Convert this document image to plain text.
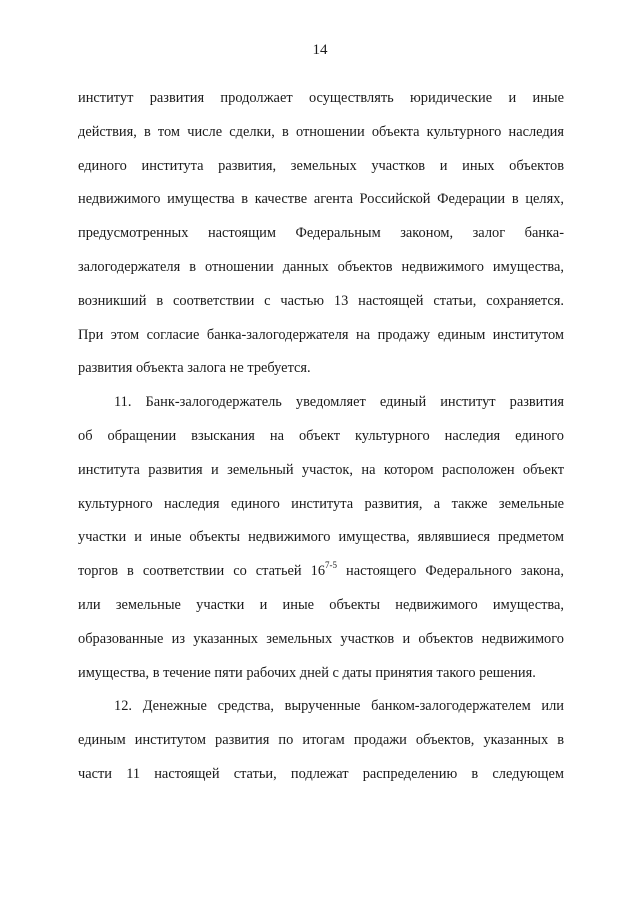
14
институт развития продолжает осуществлять юридические и иные
действия, в том числе сделки, в отношении объекта культурного наследия
единого института развития, земельных участков и иных объектов
недвижимого имущества в качестве агента Российской Федерации в целях,
предусмотренных настоящим Федеральным законом, залог банка-
залогодержателя в отношении данных объектов недвижимого имущества,
возникший в соответствии с частью 13 настоящей статьи, сохраняется.
При этом согласие банка-залогодержателя на продажу единым институтом
развития объекта залога не требуется.
11. Банк-залогодержатель уведомляет единый институт развития
об обращении взыскания на объект культурного наследия единого
института развития и земельный участок, на котором расположен объект
культурного наследия единого института развития, а также земельные
участки и иные объекты недвижимого имущества, являвшиеся предметом
торгов в соответствии со статьей 16$^{7-5}$ настоящего Федерального закона,
или земельные участки и иные объекты недвижимого имущества,
образованные из указанных земельных участков и объектов недвижимого
имущества, в течение пяти рабочих дней с даты принятия такого решения.
12. Денежные средства, вырученные банком-залогодержателем или
единым институтом развития по итогам продажи объектов, указанных в
части 11 настоящей статьи, подлежат распределению в следующем
